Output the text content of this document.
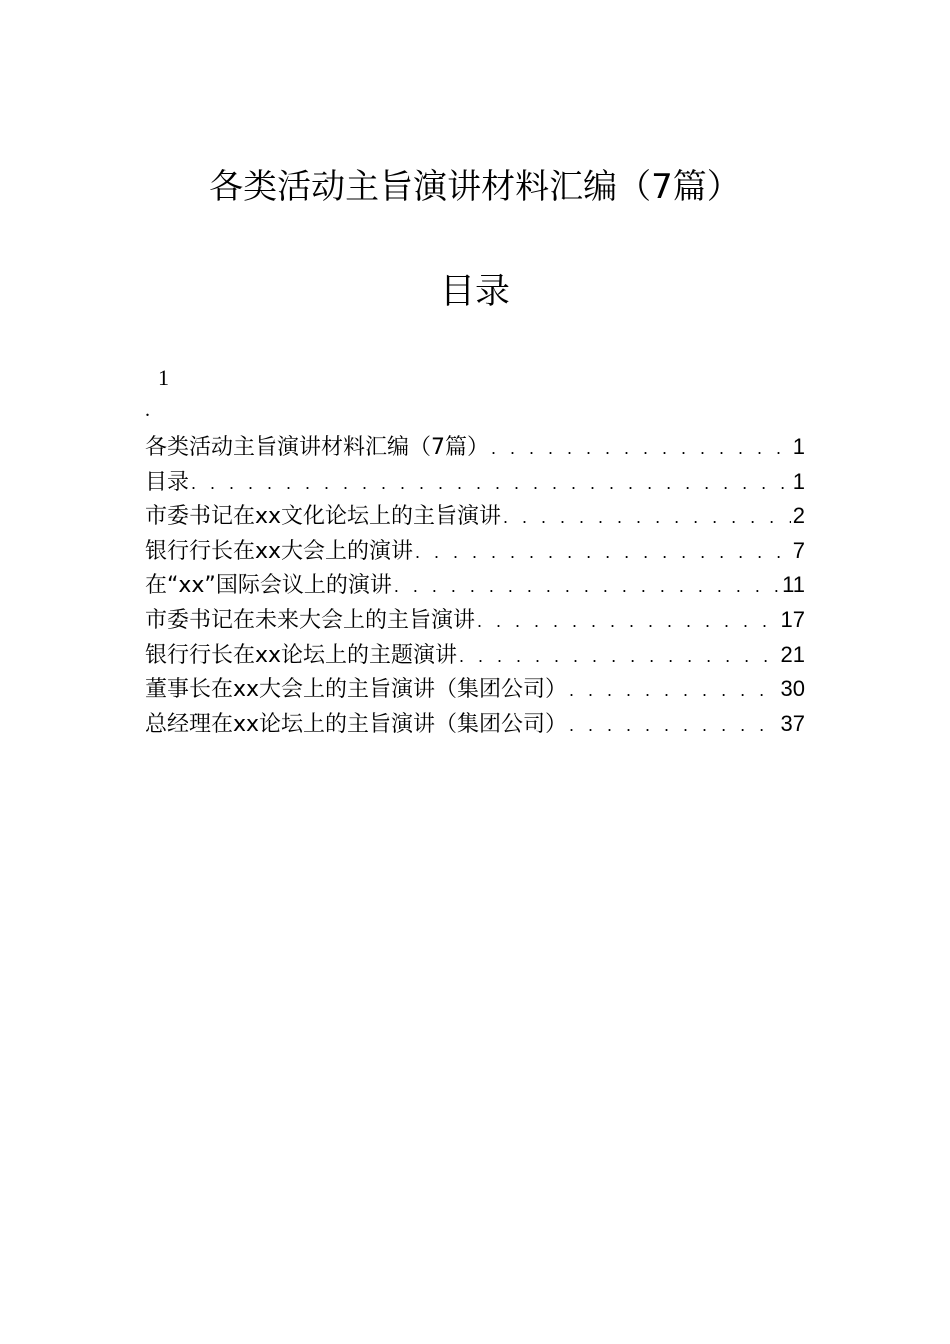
各类活动主旨演讲材料汇编（7篇）
目录
1
.
各类活动主旨演讲材料汇编（7篇） . . .	1
目录 . . .	1
市委书记在xx文化论坛上的主旨演讲 . . .	2
银行行长在xx大会上的演讲 . . .	7
在“xx”国际会议上的演讲 . . .	11
市委书记在未来大会上的主旨演讲 . . .	17
银行行长在xx论坛上的主题演讲 . . .	21
董事长在xx大会上的主旨演讲（集团公司） . . .	30
总经理在xx论坛上的主旨演讲（集团公司） . . .	37
